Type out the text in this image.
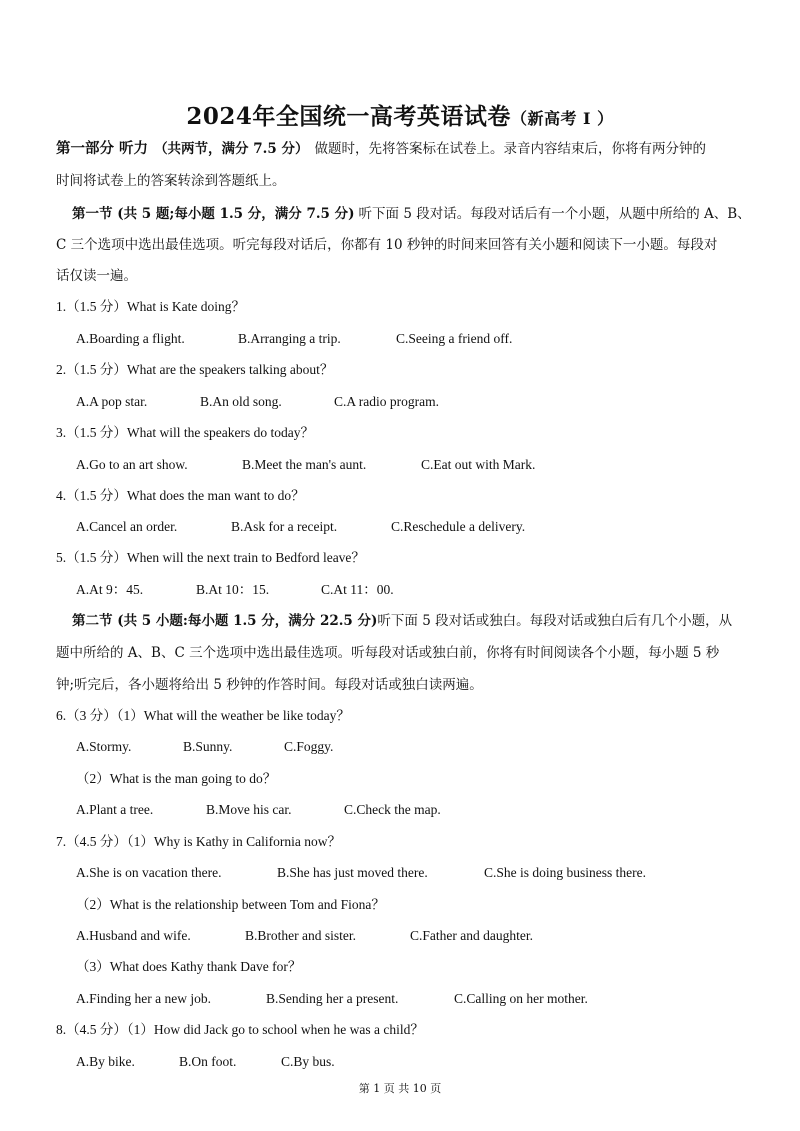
2024年全国统一高考英语试卷（新高考 I ）
第一部分 听力 （共两节，满分 7.5 分） 做题时，先将答案标在试卷上。录音内容结束后，你将有两分钟的
时间将试卷上的答案转涂到答题纸上。
第一节 (共 5 题;每小题 1.5 分，满分 7.5 分) 听下面 5 段对话。每段对话后有一个小题，从题中所给的 A、B、
C 三个选项中选出最佳选项。听完每段对话后，你都有 10 秒钟的时间来回答有关小题和阅读下一小题。每段对
话仅读一遍。
1.（1.5 分）What is Kate doing？
A.Boarding a flight.	B.Arranging a trip.	C.Seeing a friend off.
2.（1.5 分）What are the speakers talking about？
A.A pop star.	B.An old song.	C.A radio program.
3.（1.5 分）What will the speakers do today？
A.Go to an art show.	B.Meet the man's aunt.	C.Eat out with Mark.
4.（1.5 分）What does the man want to do？
A.Cancel an order.	B.Ask for a receipt.	C.Reschedule a delivery.
5.（1.5 分）When will the next train to Bedford leave？
A.At 9：45.	B.At 10：15.	C.At 11：00.
第二节 (共 5 小题:每小题 1.5 分，满分 22.5 分)听下面 5 段对话或独白。每段对话或独白后有几个小题，从
题中所给的 A、B、C 三个选项中选出最佳选项。听每段对话或独白前，你将有时间阅读各个小题，每小题 5 秒
钟;听完后，各小题将给出 5 秒钟的作答时间。每段对话或独白读两遍。
6.（3 分）（1）What will the weather be like today？
A.Stormy.	B.Sunny.	C.Foggy.
（2）What is the man going to do？
A.Plant a tree.	B.Move his car.	C.Check the map.
7.（4.5 分）（1）Why is Kathy in California now？
A.She is on vacation there.	B.She has just moved there.	C.She is doing business there.
（2）What is the relationship between Tom and Fiona？
A.Husband and wife.	B.Brother and sister.	C.Father and daughter.
（3）What does Kathy thank Dave for？
A.Finding her a new job.	B.Sending her a present.	C.Calling on her mother.
8.（4.5 分）（1）How did Jack go to school when he was a child？
A.By bike.	B.On foot.	C.By bus.
第 1 页 共 10 页
